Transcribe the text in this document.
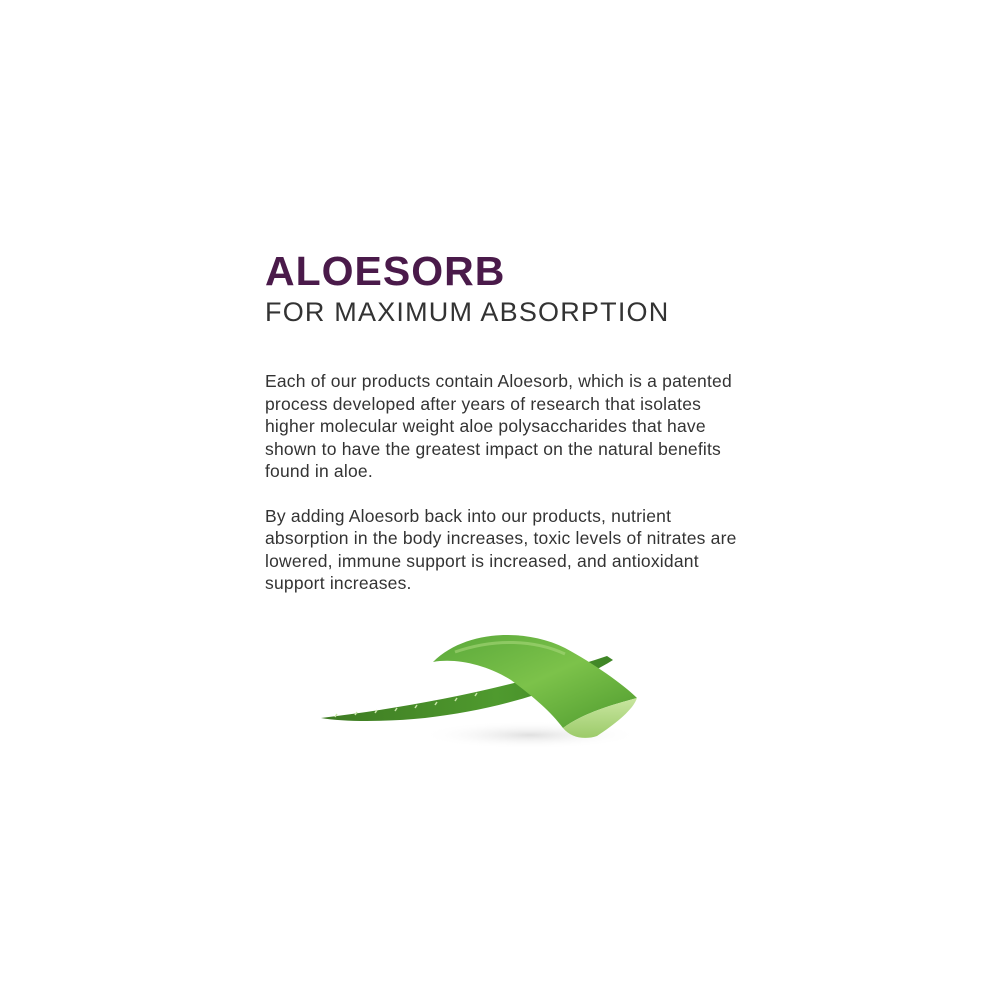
ALOESORB
FOR MAXIMUM ABSORPTION

Each of our products contain Aloesorb, which is a patented process developed after years of research that isolates higher molecular weight aloe polysaccharides that have shown to have the greatest impact on the natural benefits found in aloe.

By adding Aloesorb back into our products, nutrient absorption in the body increases, toxic levels of nitrates are lowered, immune support is increased, and antioxidant support increases.
